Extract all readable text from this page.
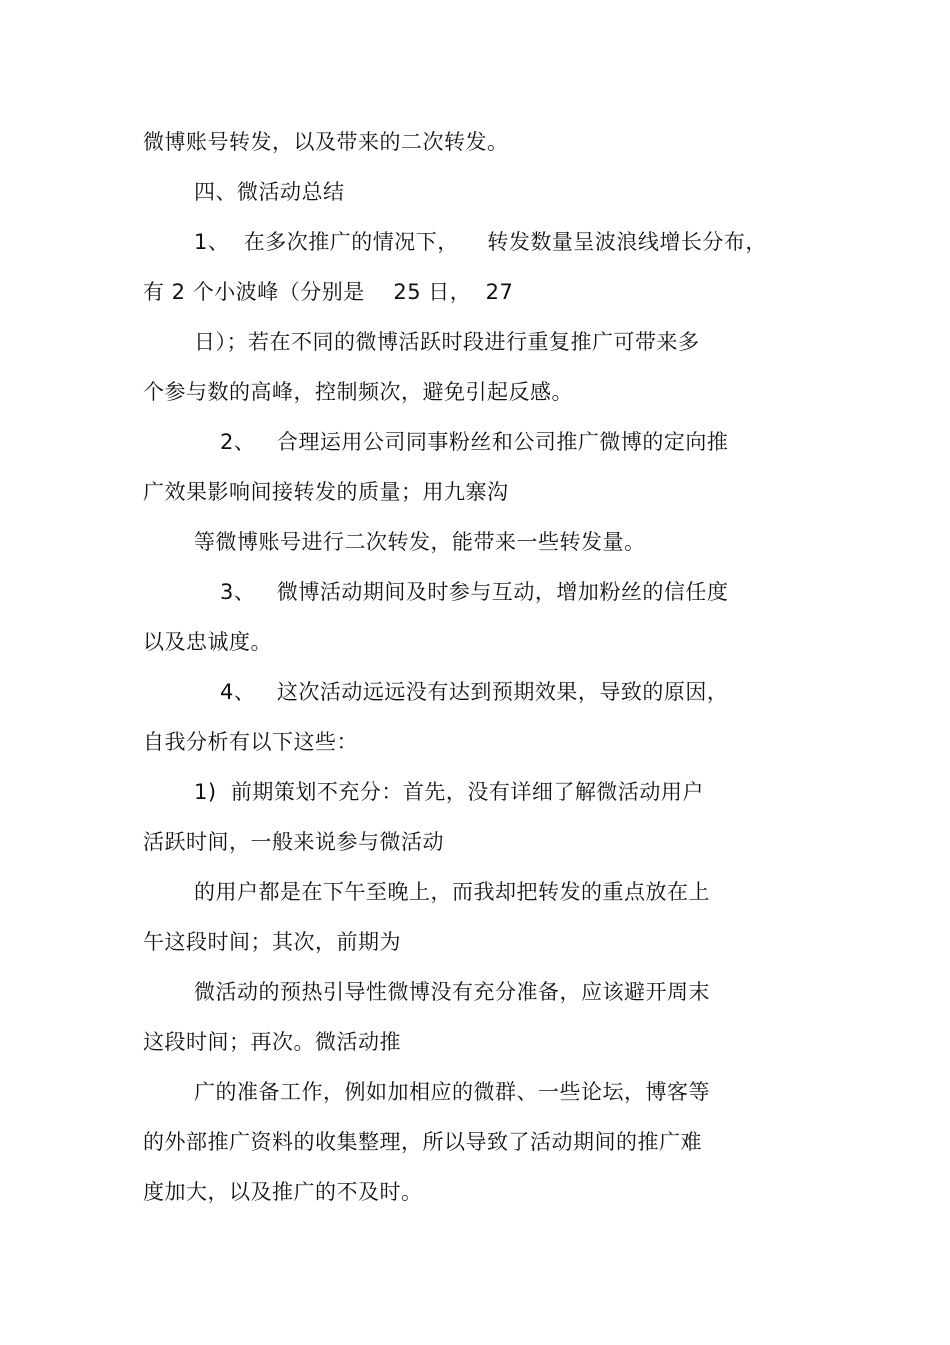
微博账号转发，以及带来的二次转发。
四、微活动总结
1、  在多次推广的情况下，    转发数量呈波浪线增长分布，
有 2 个小波峰（分别是    25 日，  27
日）；若在不同的微博活跃时段进行重复推广可带来多
个参与数的高峰，控制频次，避免引起反感。
2、   合理运用公司同事粉丝和公司推广微博的定向推
广效果影响间接转发的质量；用九寨沟
等微博账号进行二次转发，能带来一些转发量。
3、   微博活动期间及时参与互动，增加粉丝的信任度
以及忠诚度。
4、   这次活动远远没有达到预期效果，导致的原因，
自我分析有以下这些：
1)  前期策划不充分：首先，没有详细了解微活动用户
活跃时间，一般来说参与微活动
的用户都是在下午至晚上，而我却把转发的重点放在上
午这段时间；其次，前期为
微活动的预热引导性微博没有充分准备，应该避开周末
这段时间；再次。微活动推
广的准备工作，例如加相应的微群、一些论坛，博客等
的外部推广资料的收集整理，所以导致了活动期间的推广难
度加大，以及推广的不及时。
